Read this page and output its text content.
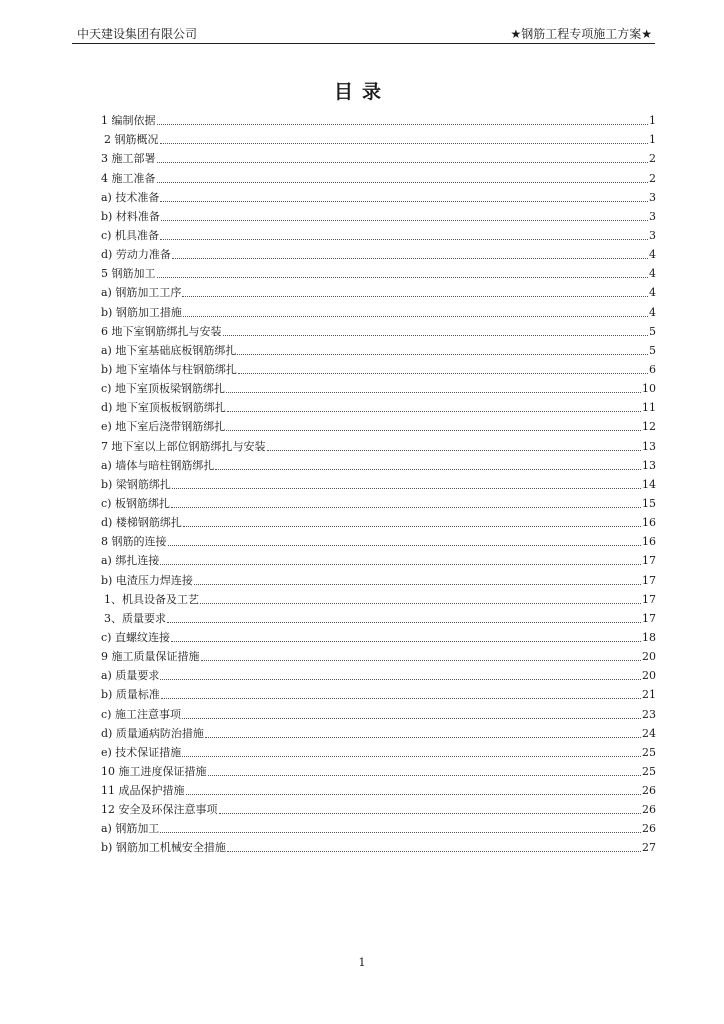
中天建设集团有限公司	★钢筋工程专项施工方案★
目录
1 编制依据	1
2 钢筋概况	1
3 施工部署	2
4 施工准备	2
a) 技术准备	3
b) 材料准备	3
c) 机具准备	3
d) 劳动力准备	4
5 钢筋加工	4
a) 钢筋加工工序	4
b) 钢筋加工措施	4
6 地下室钢筋绑扎与安装	5
a) 地下室基础底板钢筋绑扎	5
b) 地下室墙体与柱钢筋绑扎	6
c) 地下室顶板梁钢筋绑扎	10
d) 地下室顶板板钢筋绑扎	11
e) 地下室后浇带钢筋绑扎	12
7 地下室以上部位钢筋绑扎与安装	13
a) 墙体与暗柱钢筋绑扎	13
b) 梁钢筋绑扎	14
c) 板钢筋绑扎	15
d) 楼梯钢筋绑扎	16
8 钢筋的连接	16
a) 绑扎连接	17
b) 电渣压力焊连接	17
1、机具设备及工艺	17
3、质量要求	17
c) 直螺纹连接	18
9 施工质量保证措施	20
a) 质量要求	20
b) 质量标准	21
c) 施工注意事项	23
d) 质量通病防治措施	24
e) 技术保证措施	25
10 施工进度保证措施	25
11 成品保护措施	26
12 安全及环保注意事项	26
a) 钢筋加工	26
b) 钢筋加工机械安全措施	27
1
